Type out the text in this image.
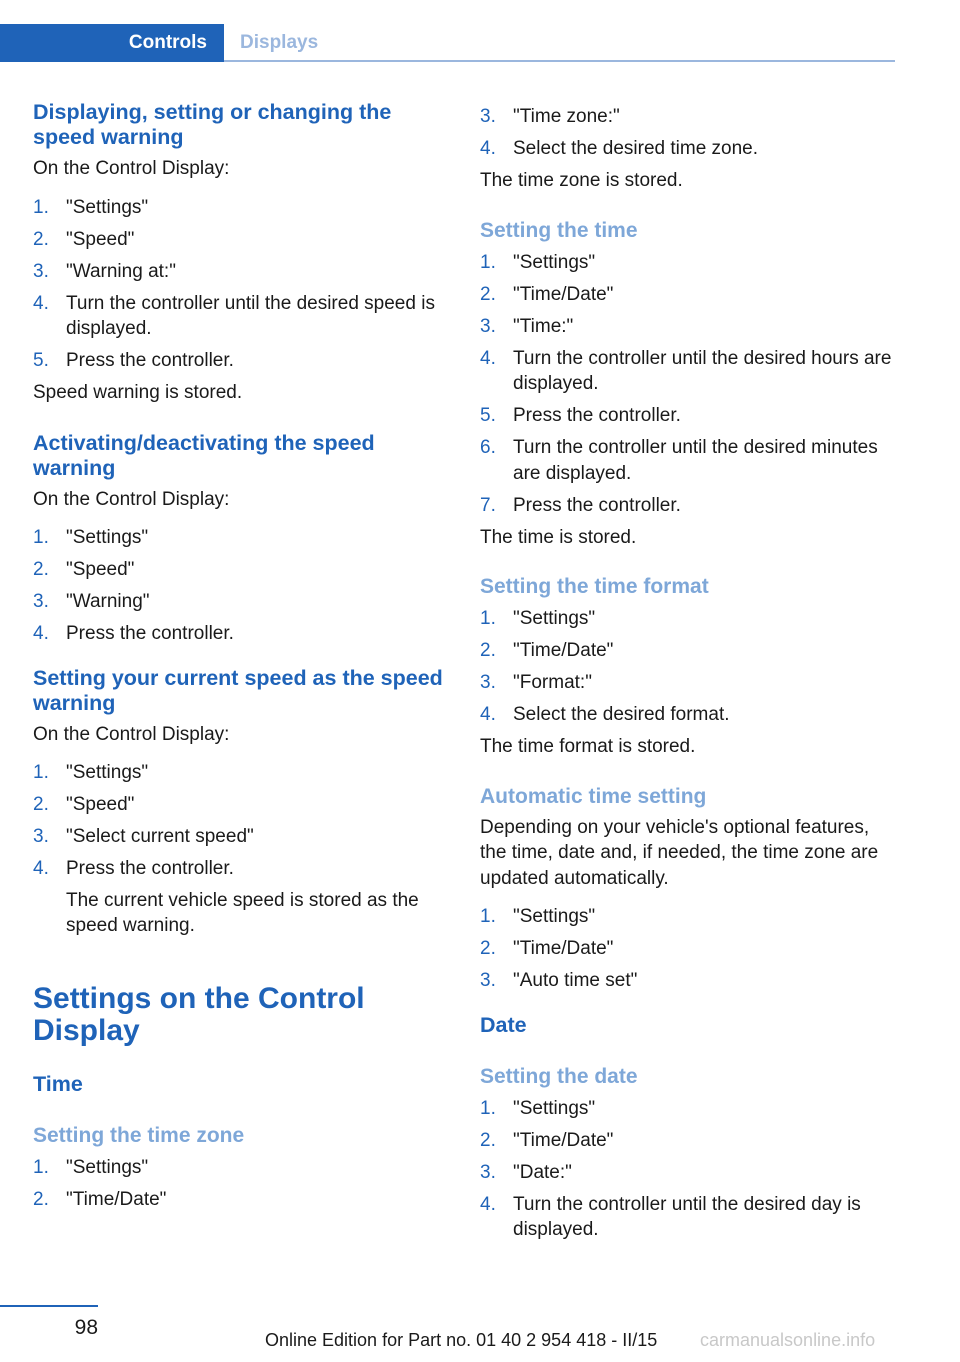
Controls	Displays
Displaying, setting or changing the speed warning

On the Control Display:

1. "Settings"
2. "Speed"
3. "Warning at:"
4. Turn the controller until the desired speed is displayed.
5. Press the controller.

Speed warning is stored.

Activating/deactivating the speed warning

On the Control Display:

1. "Settings"
2. "Speed"
3. "Warning"
4. Press the controller.
Setting your current speed as the speed warning

On the Control Display:

1. "Settings"
2. "Speed"
3. "Select current speed"
4. Press the controller.

The current vehicle speed is stored as the speed warning.

Settings on the Control Display
Time
Setting the time zone
1. "Settings"
2. "Time/Date"
3. "Time zone:"
4. Select the desired time zone.

The time zone is stored.

Setting the time
1. "Settings"
2. "Time/Date"
3. "Time:"
4. Turn the controller until the desired hours are displayed.
5. Press the controller.
6. Turn the controller until the desired minutes are displayed.
7. Press the controller.

The time is stored.

Setting the time format
1. "Settings"
2. "Time/Date"
3. "Format:"
4. Select the desired format.

The time format is stored.

Automatic time setting

Depending on your vehicle's optional features, the time, date and, if needed, the time zone are updated automatically.

1. "Settings"
2. "Time/Date"
3. "Auto time set"
Date
Setting the date
1. "Settings"
2. "Time/Date"
3. "Date:"
4. Turn the controller until the desired day is displayed.
98
Online Edition for Part no. 01 40 2 954 418 - II/15 carmanualsonline.info
